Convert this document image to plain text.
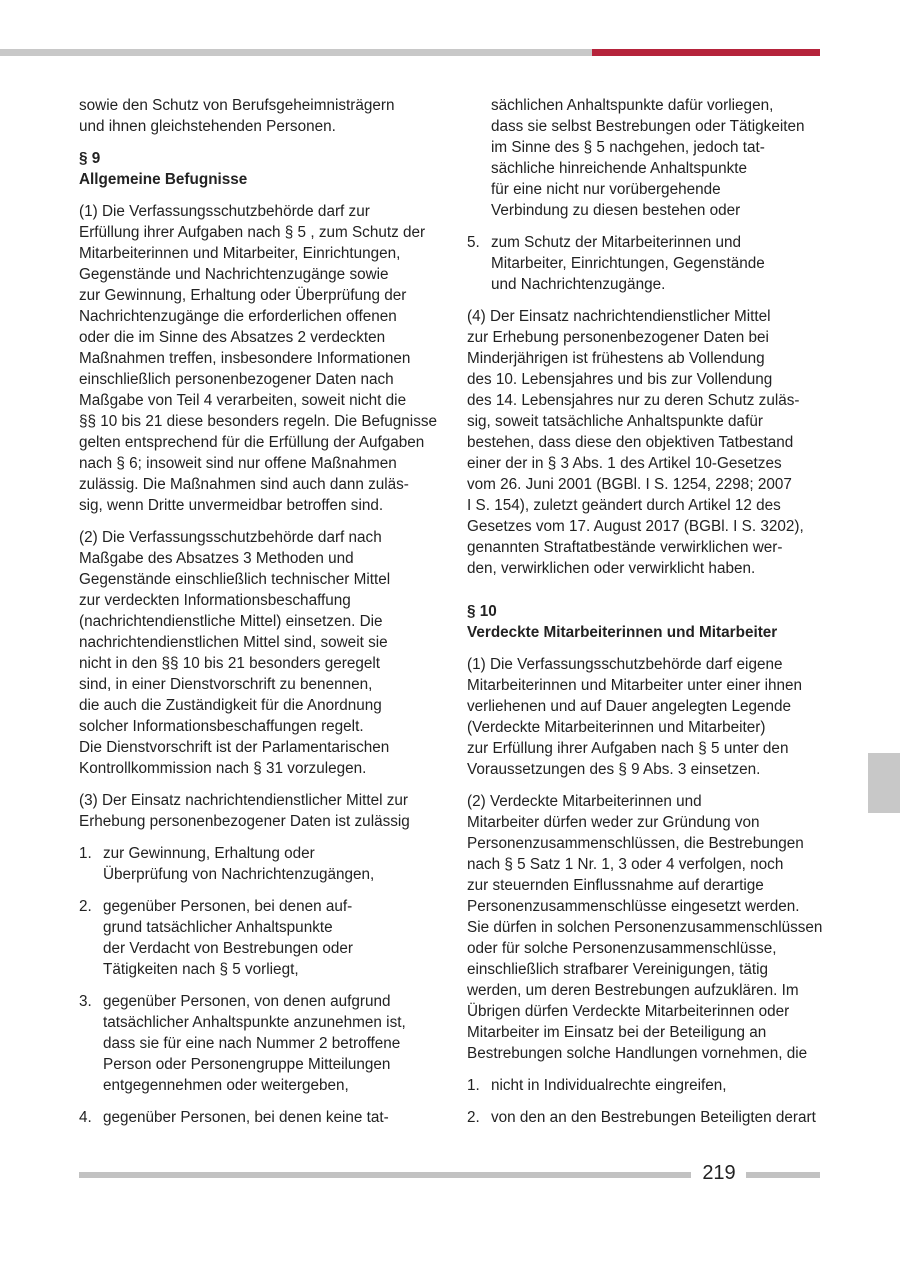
sowie den Schutz von Berufsgeheimnisträgern
und ihnen gleichstehenden Personen.

§ 9
Allgemeine Befugnisse

(1) Die Verfassungsschutzbehörde darf zur
Erfüllung ihrer Aufgaben nach § 5 , zum Schutz der
Mitarbeiterinnen und Mitarbeiter, Einrichtungen,
Gegenstände und Nachrichtenzugänge sowie
zur Gewinnung, Erhaltung oder Überprüfung der
Nachrichtenzugänge die erforderlichen offenen
oder die im Sinne des Absatzes 2 verdeckten
Maßnahmen treffen, insbesondere Informationen
einschließlich personenbezogener Daten nach
Maßgabe von Teil 4 verarbeiten, soweit nicht die
§§ 10 bis 21 diese besonders regeln. Die Befugnisse
gelten entsprechend für die Erfüllung der Aufgaben
nach § 6; insoweit sind nur offene Maßnahmen
zulässig. Die Maßnahmen sind auch dann zuläs-
sig, wenn Dritte unvermeidbar betroffen sind.

(2) Die Verfassungsschutzbehörde darf nach
Maßgabe des Absatzes 3 Methoden und
Gegenstände einschließlich technischer Mittel
zur verdeckten Informationsbeschaffung
(nachrichtendienstliche Mittel) einsetzen. Die
nachrichtendienstlichen Mittel sind, soweit sie
nicht in den §§ 10 bis 21 besonders geregelt
sind, in einer Dienstvorschrift zu benennen,
die auch die Zuständigkeit für die Anordnung
solcher Informationsbeschaffungen regelt.
Die Dienstvorschrift ist der Parlamentarischen
Kontrollkommission nach § 31 vorzulegen.

(3) Der Einsatz nachrichtendienstlicher Mittel zur
Erhebung personenbezogener Daten ist zulässig

1. zur Gewinnung, Erhaltung oder
Überprüfung von Nachrichtenzugängen,
2. gegenüber Personen, bei denen auf-
grund tatsächlicher Anhaltspunkte
der Verdacht von Bestrebungen oder
Tätigkeiten nach § 5 vorliegt,
3. gegenüber Personen, von denen aufgrund
tatsächlicher Anhaltspunkte anzunehmen ist,
dass sie für eine nach Nummer 2 betroffene
Person oder Personengruppe Mitteilungen
entgegennehmen oder weitergeben,
4. gegenüber Personen, bei denen keine tat-
sächlichen Anhaltspunkte dafür vorliegen,
dass sie selbst Bestrebungen oder Tätigkeiten
im Sinne des § 5 nachgehen, jedoch tat-
sächliche hinreichende Anhaltspunkte
für eine nicht nur vorübergehende
Verbindung zu diesen bestehen oder
5. zum Schutz der Mitarbeiterinnen und
Mitarbeiter, Einrichtungen, Gegenstände
und Nachrichtenzugänge.

(4) Der Einsatz nachrichtendienstlicher Mittel
zur Erhebung personenbezogener Daten bei
Minderjährigen ist frühestens ab Vollendung
des 10. Lebensjahres und bis zur Vollendung
des 14. Lebensjahres nur zu deren Schutz zuläs-
sig, soweit tatsächliche Anhaltspunkte dafür
bestehen, dass diese den objektiven Tatbestand
einer der in § 3 Abs. 1 des Artikel 10-Gesetzes
vom 26. Juni 2001 (BGBl. I S. 1254, 2298; 2007
I S. 154), zuletzt geändert durch Artikel 12 des
Gesetzes vom 17. August 2017 (BGBl. I S. 3202),
genannten Straftatbestände verwirklichen wer-
den, verwirklichen oder verwirklicht haben.

§ 10
Verdeckte Mitarbeiterinnen und Mitarbeiter

(1) Die Verfassungsschutzbehörde darf eigene
Mitarbeiterinnen und Mitarbeiter unter einer ihnen
verliehenen und auf Dauer angelegten Legende
(Verdeckte Mitarbeiterinnen und Mitarbeiter)
zur Erfüllung ihrer Aufgaben nach § 5 unter den
Voraussetzungen des § 9 Abs. 3 einsetzen.

(2) Verdeckte Mitarbeiterinnen und
Mitarbeiter dürfen weder zur Gründung von
Personenzusammenschlüssen, die Bestrebungen
nach § 5 Satz 1 Nr. 1, 3 oder 4 verfolgen, noch
zur steuernden Einflussnahme auf derartige
Personenzusammenschlüsse eingesetzt werden.
Sie dürfen in solchen Personenzusammenschlüssen
oder für solche Personenzusammenschlüsse,
einschließlich strafbarer Vereinigungen, tätig
werden, um deren Bestrebungen aufzuklären. Im
Übrigen dürfen Verdeckte Mitarbeiterinnen oder
Mitarbeiter im Einsatz bei der Beteiligung an
Bestrebungen solche Handlungen vornehmen, die

1. nicht in Individualrechte eingreifen,
2. von den an den Bestrebungen Beteiligten derart
219
